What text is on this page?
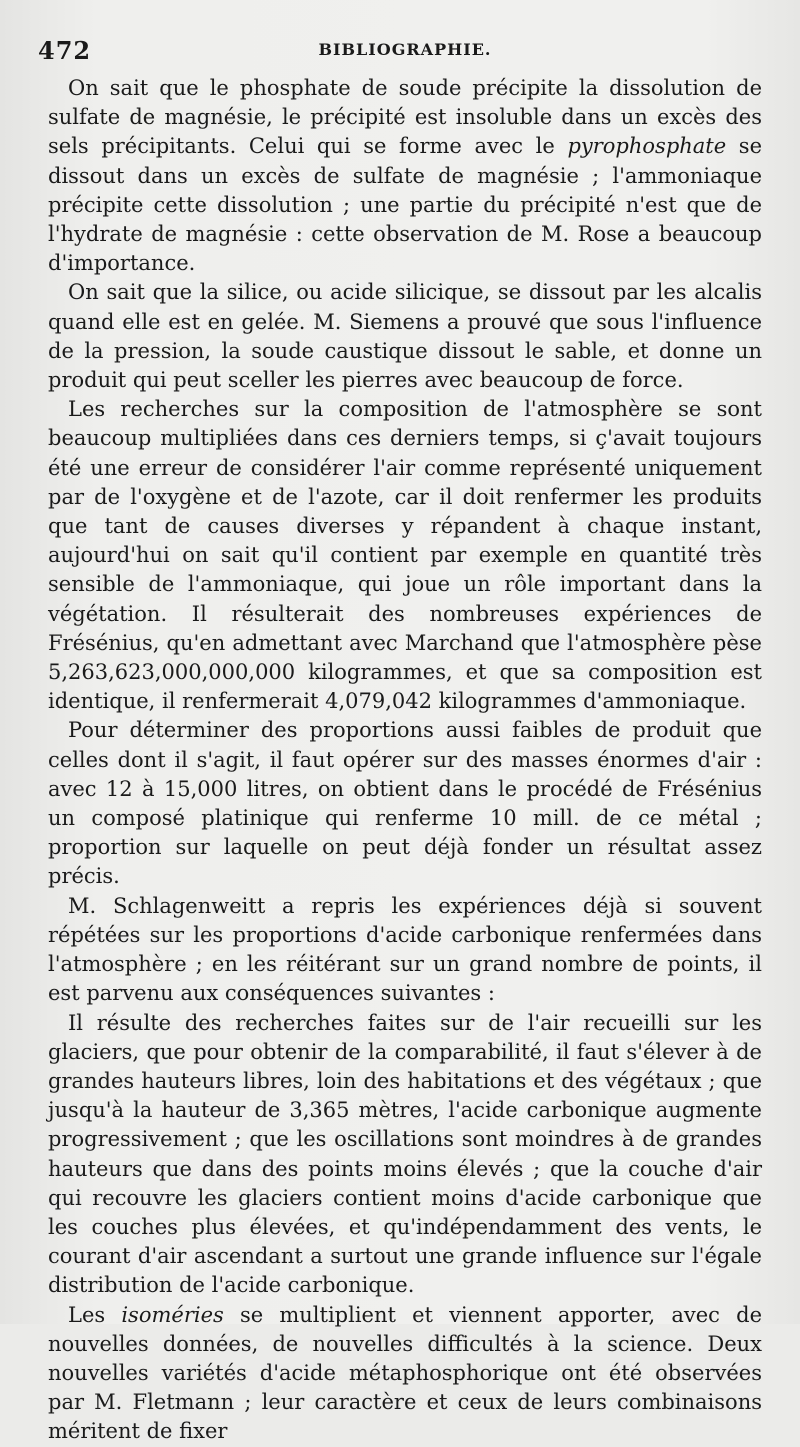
472	BIBLIOGRAPHIE.

On sait que le phosphate de soude précipite la dissolution de sulfate de magnésie, le précipité est insoluble dans un excès des sels précipitants. Celui qui se forme avec le pyrophosphate se dissout dans un excès de sulfate de magnésie ; l'ammoniaque précipite cette dissolution ; une partie du précipité n'est que de l'hydrate de magnésie : cette observation de M. Rose a beaucoup d'importance.

On sait que la silice, ou acide silicique, se dissout par les alcalis quand elle est en gelée. M. Siemens a prouvé que sous l'influence de la pression, la soude caustique dissout le sable, et donne un produit qui peut sceller les pierres avec beaucoup de force.

Les recherches sur la composition de l'atmosphère se sont beaucoup multipliées dans ces derniers temps, si ç'avait toujours été une erreur de considérer l'air comme représenté uniquement par de l'oxygène et de l'azote, car il doit renfermer les produits que tant de causes diverses y répandent à chaque instant, aujourd'hui on sait qu'il contient par exemple en quantité très sensible de l'ammoniaque, qui joue un rôle important dans la végétation. Il résulterait des nombreuses expériences de Frésénius, qu'en admettant avec Marchand que l'atmosphère pèse 5,263,623,000,000,000 kilogrammes, et que sa composition est identique, il renfermerait 4,079,042 kilogrammes d'ammoniaque.

Pour déterminer des proportions aussi faibles de produit que celles dont il s'agit, il faut opérer sur des masses énormes d'air : avec 12 à 15,000 litres, on obtient dans le procédé de Frésénius un composé platinique qui renferme 10 mill. de ce métal ; proportion sur laquelle on peut déjà fonder un résultat assez précis.

M. Schlagenweitt a repris les expériences déjà si souvent répétées sur les proportions d'acide carbonique renfermées dans l'atmosphère ; en les réitérant sur un grand nombre de points, il est parvenu aux conséquences suivantes :

Il résulte des recherches faites sur de l'air recueilli sur les glaciers, que pour obtenir de la comparabilité, il faut s'élever à de grandes hauteurs libres, loin des habitations et des végétaux ; que jusqu'à la hauteur de 3,365 mètres, l'acide carbonique augmente progressivement ; que les oscillations sont moindres à de grandes hauteurs que dans des points moins élevés ; que la couche d'air qui recouvre les glaciers contient moins d'acide carbonique que les couches plus élevées, et qu'indépendamment des vents, le courant d'air ascendant a surtout une grande influence sur l'égale distribution de l'acide carbonique.

Les isoméries se multiplient et viennent apporter, avec de nouvelles données, de nouvelles difficultés à la science. Deux nouvelles variétés d'acide métaphosphorique ont été observées par M. Fletmann ; leur caractère et ceux de leurs combinaisons méritent de fixer
